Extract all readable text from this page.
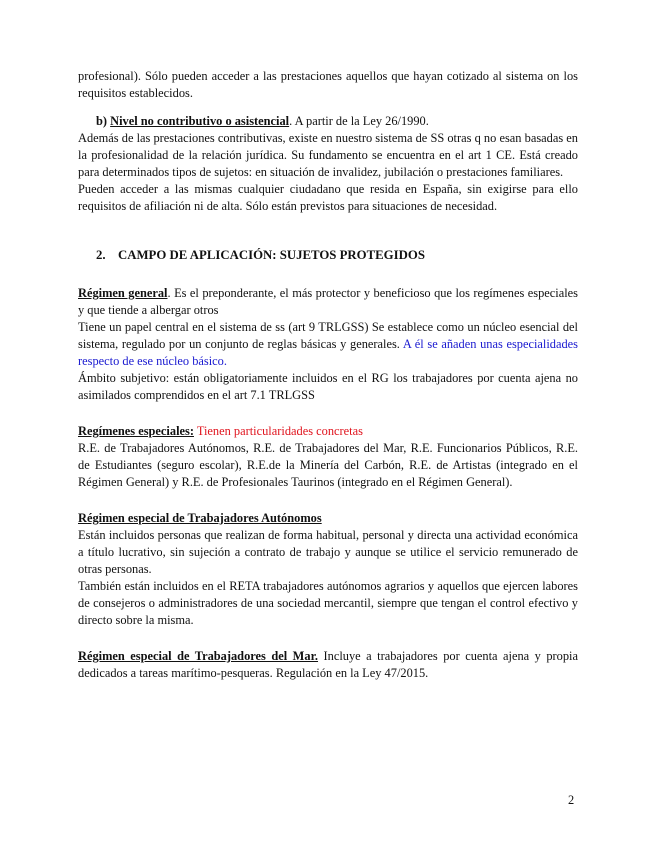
profesional). Sólo pueden acceder a las prestaciones aquellos que hayan cotizado al sistema on los requisitos establecidos.

b) Nivel no contributivo o asistencial. A partir de la Ley 26/1990.

Además de las prestaciones contributivas, existe en nuestro sistema de SS otras q no esan basadas en la profesionalidad de la relación jurídica. Su fundamento se encuentra en el art 1 CE. Está creado para determinados tipos de sujetos: en situación de invalidez, jubilación o prestaciones familiares.

Pueden acceder a las mismas cualquier ciudadano que resida en España, sin exigirse para ello requisitos de afiliación ni de alta. Sólo están previstos para situaciones de necesidad.

2. CAMPO DE APLICACIÓN: SUJETOS PROTEGIDOS

Régimen general. Es el preponderante, el más protector y beneficioso que los regímenes especiales y que tiende a albergar otros

Tiene un papel central en el sistema de ss (art 9 TRLGSS) Se establece como un núcleo esencial del sistema, regulado por un conjunto de reglas básicas y generales. A él se añaden unas especialidades respecto de ese núcleo básico.

Ámbito subjetivo: están obligatoriamente incluidos en el RG los trabajadores por cuenta ajena no asimilados comprendidos en el art 7.1 TRLGSS

Regímenes especiales: Tienen particularidades concretas

R.E. de Trabajadores Autónomos, R.E. de Trabajadores del Mar, R.E. Funcionarios Públicos, R.E. de Estudiantes (seguro escolar), R.E.de la Minería del Carbón, R.E. de Artistas (integrado en el Régimen General) y R.E. de Profesionales Taurinos (integrado en el Régimen General).

Régimen especial de Trabajadores Autónomos

Están incluidos personas que realizan de forma habitual, personal y directa una actividad económica a título lucrativo, sin sujeción a contrato de trabajo y aunque se utilice el servicio remunerado de otras personas.

También están incluidos en el RETA trabajadores autónomos agrarios y aquellos que ejercen labores de consejeros o administradores de una sociedad mercantil, siempre que tengan el control efectivo y directo sobre la misma.

Régimen especial de Trabajadores del Mar. Incluye a trabajadores por cuenta ajena y propia dedicados a tareas marítimo-pesqueras. Regulación en la Ley 47/2015.

2
